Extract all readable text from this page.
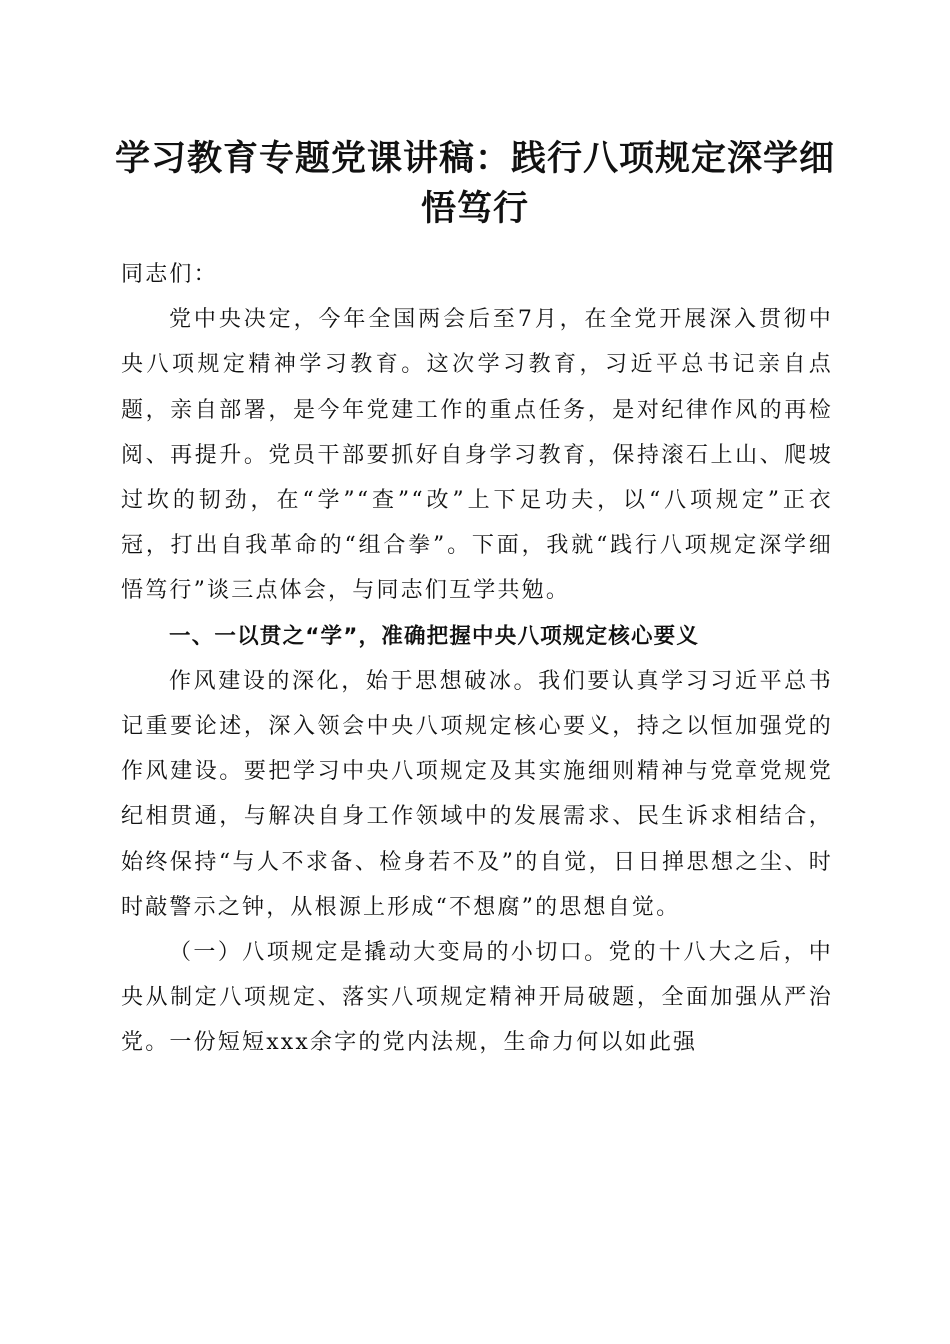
学习教育专题党课讲稿：践行八项规定深学细悟笃行

同志们：

党中央决定，今年全国两会后至7月，在全党开展深入贯彻中央八项规定精神学习教育。这次学习教育，习近平总书记亲自点题，亲自部署，是今年党建工作的重点任务，是对纪律作风的再检阅、再提升。党员干部要抓好自身学习教育，保持滚石上山、爬坡过坎的韧劲，在“学”“查”“改”上下足功夫，以“八项规定”正衣冠，打出自我革命的“组合拳”。下面，我就“践行八项规定深学细悟笃行”谈三点体会，与同志们互学共勉。

一、一以贯之“学”，准确把握中央八项规定核心要义

作风建设的深化，始于思想破冰。我们要认真学习习近平总书记重要论述，深入领会中央八项规定核心要义，持之以恒加强党的作风建设。要把学习中央八项规定及其实施细则精神与党章党规党纪相贯通，与解决自身工作领域中的发展需求、民生诉求相结合，始终保持“与人不求备、检身若不及”的自觉，日日掸思想之尘、时时敲警示之钟，从根源上形成“不想腐”的思想自觉。

（一）八项规定是撬动大变局的小切口。党的十八大之后，中央从制定八项规定、落实八项规定精神开局破题，全面加强从严治党。一份短短xxx余字的党内法规，生命力何以如此强
